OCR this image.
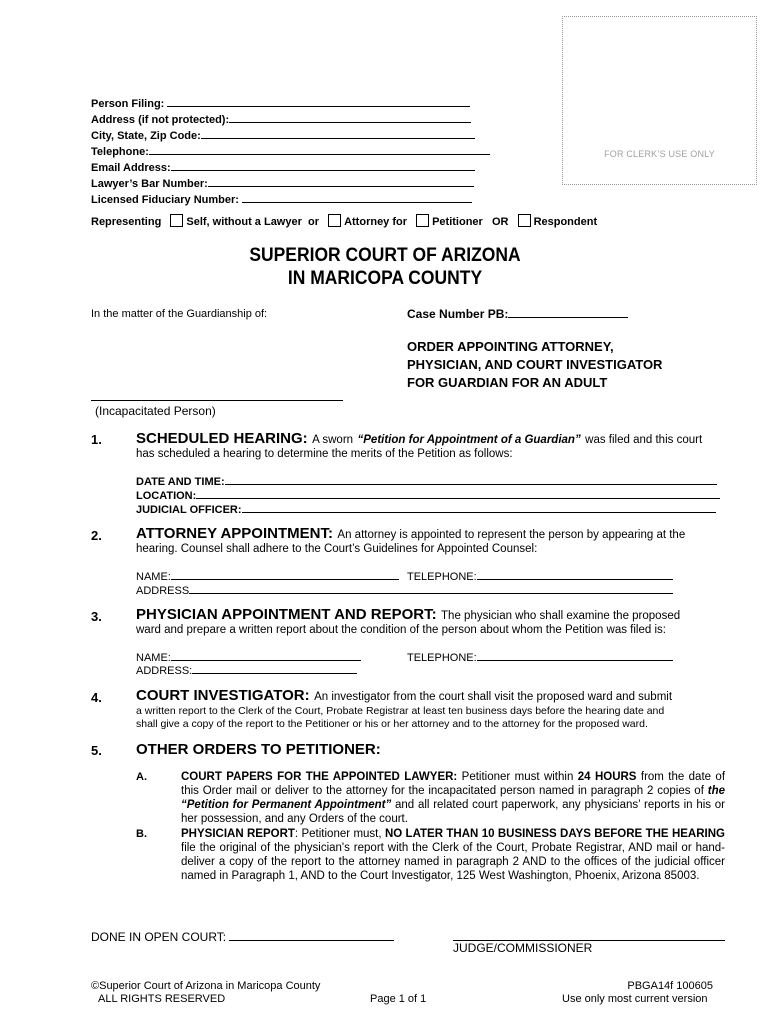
FOR CLERK’S USE ONLY
Person Filing:
Address (if not protected):
City, State, Zip Code:
Telephone:
Email Address:
Lawyer’s Bar Number:
Licensed Fiduciary Number:
Representing Self, without a Lawyer or Attorney for Petitioner OR Respondent
SUPERIOR COURT OF ARIZONA
IN MARICOPA COUNTY
In the matter of the Guardianship of:	Case Number PB:
ORDER APPOINTING ATTORNEY,
PHYSICIAN, AND COURT INVESTIGATOR
FOR GUARDIAN FOR AN ADULT
(Incapacitated Person)
1. SCHEDULED HEARING: A sworn “Petition for Appointment of a Guardian” was filed and this court
has scheduled a hearing to determine the merits of the Petition as follows:
DATE AND TIME:
LOCATION:
JUDICIAL OFFICER:
2. ATTORNEY APPOINTMENT: An attorney is appointed to represent the person by appearing at the
hearing. Counsel shall adhere to the Court’s Guidelines for Appointed Counsel:
NAME:	TELEPHONE:
ADDRESS
3. PHYSICIAN APPOINTMENT AND REPORT: The physician who shall examine the proposed
ward and prepare a written report about the condition of the person about whom the Petition was filed is:
NAME:	TELEPHONE:
ADDRESS:
4. COURT INVESTIGATOR: An investigator from the court shall visit the proposed ward and submit
a written report to the Clerk of the Court, Probate Registrar at least ten business days before the hearing date and
shall give a copy of the report to the Petitioner or his or her attorney and to the attorney for the proposed ward.
5. OTHER ORDERS TO PETITIONER:
A.	COURT PAPERS FOR THE APPOINTED LAWYER: Petitioner must within 24 HOURS from the date of this Order mail or deliver to the attorney for the incapacitated person named in paragraph 2 copies of the “Petition for Permanent Appointment” and all related court paperwork, any physicians’ reports in his or her possession, and any Orders of the court.
B.	PHYSICIAN REPORT: Petitioner must, NO LATER THAN 10 BUSINESS DAYS BEFORE THE HEARING file the original of the physician's report with the Clerk of the Court, Probate Registrar, AND mail or hand-deliver a copy of the report to the attorney named in paragraph 2 AND to the offices of the judicial officer named in Paragraph 1, AND to the Court Investigator, 125 West Washington, Phoenix, Arizona 85003.
DONE IN OPEN COURT:
JUDGE/COMMISSIONER
©Superior Court of Arizona in Maricopa County
ALL RIGHTS RESERVED	Page 1 of 1
PBGA14f 100605
Use only most current version
